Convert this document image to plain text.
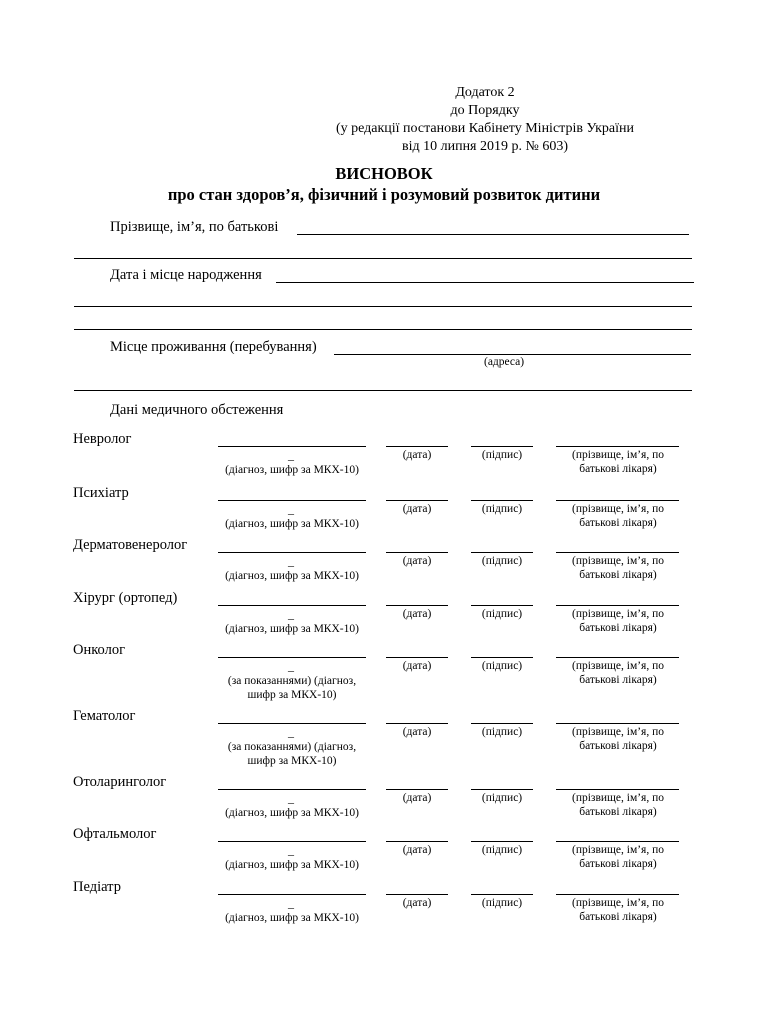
Додаток 2
до Порядку
(у редакції постанови Кабінету Міністрів України
від 10 липня 2019 р. № 603)
ВИСНОВОК
про стан здоров’я, фізичний і розумовий розвиток дитини
Прізвище, ім’я, по батькові
Дата і місце народження
Місце проживання (перебування)
(адреса)
Дані медичного обстеження
Невролог
_
(діагноз, шифр за МКХ-10)
(дата)	(підпис)	(прізвище, ім’я, по
батькові лікаря)
Психіатр
_
(діагноз, шифр за МКХ-10)
(дата)	(підпис)	(прізвище, ім’я, по
батькові лікаря)
Дерматовенеролог
_
(діагноз, шифр за МКХ-10)
(дата)	(підпис)	(прізвище, ім’я, по
батькові лікаря)
Хірург (ортопед)
_
(діагноз, шифр за МКХ-10)
(дата)	(підпис)	(прізвище, ім’я, по
батькові лікаря)
Онколог
_
(за показаннями) (діагноз,
шифр за МКХ-10)
(дата)	(підпис)	(прізвище, ім’я, по
батькові лікаря)
Гематолог
_
(за показаннями) (діагноз,
шифр за МКХ-10)
(дата)	(підпис)	(прізвище, ім’я, по
батькові лікаря)
Отоларинголог
_
(діагноз, шифр за МКХ-10)
(дата)	(підпис)	(прізвище, ім’я, по
батькові лікаря)
Офтальмолог
_
(діагноз, шифр за МКХ-10)
(дата)	(підпис)	(прізвище, ім’я, по
батькові лікаря)
Педіатр
_
(діагноз, шифр за МКХ-10)
(дата)	(підпис)	(прізвище, ім’я, по
батькові лікаря)
